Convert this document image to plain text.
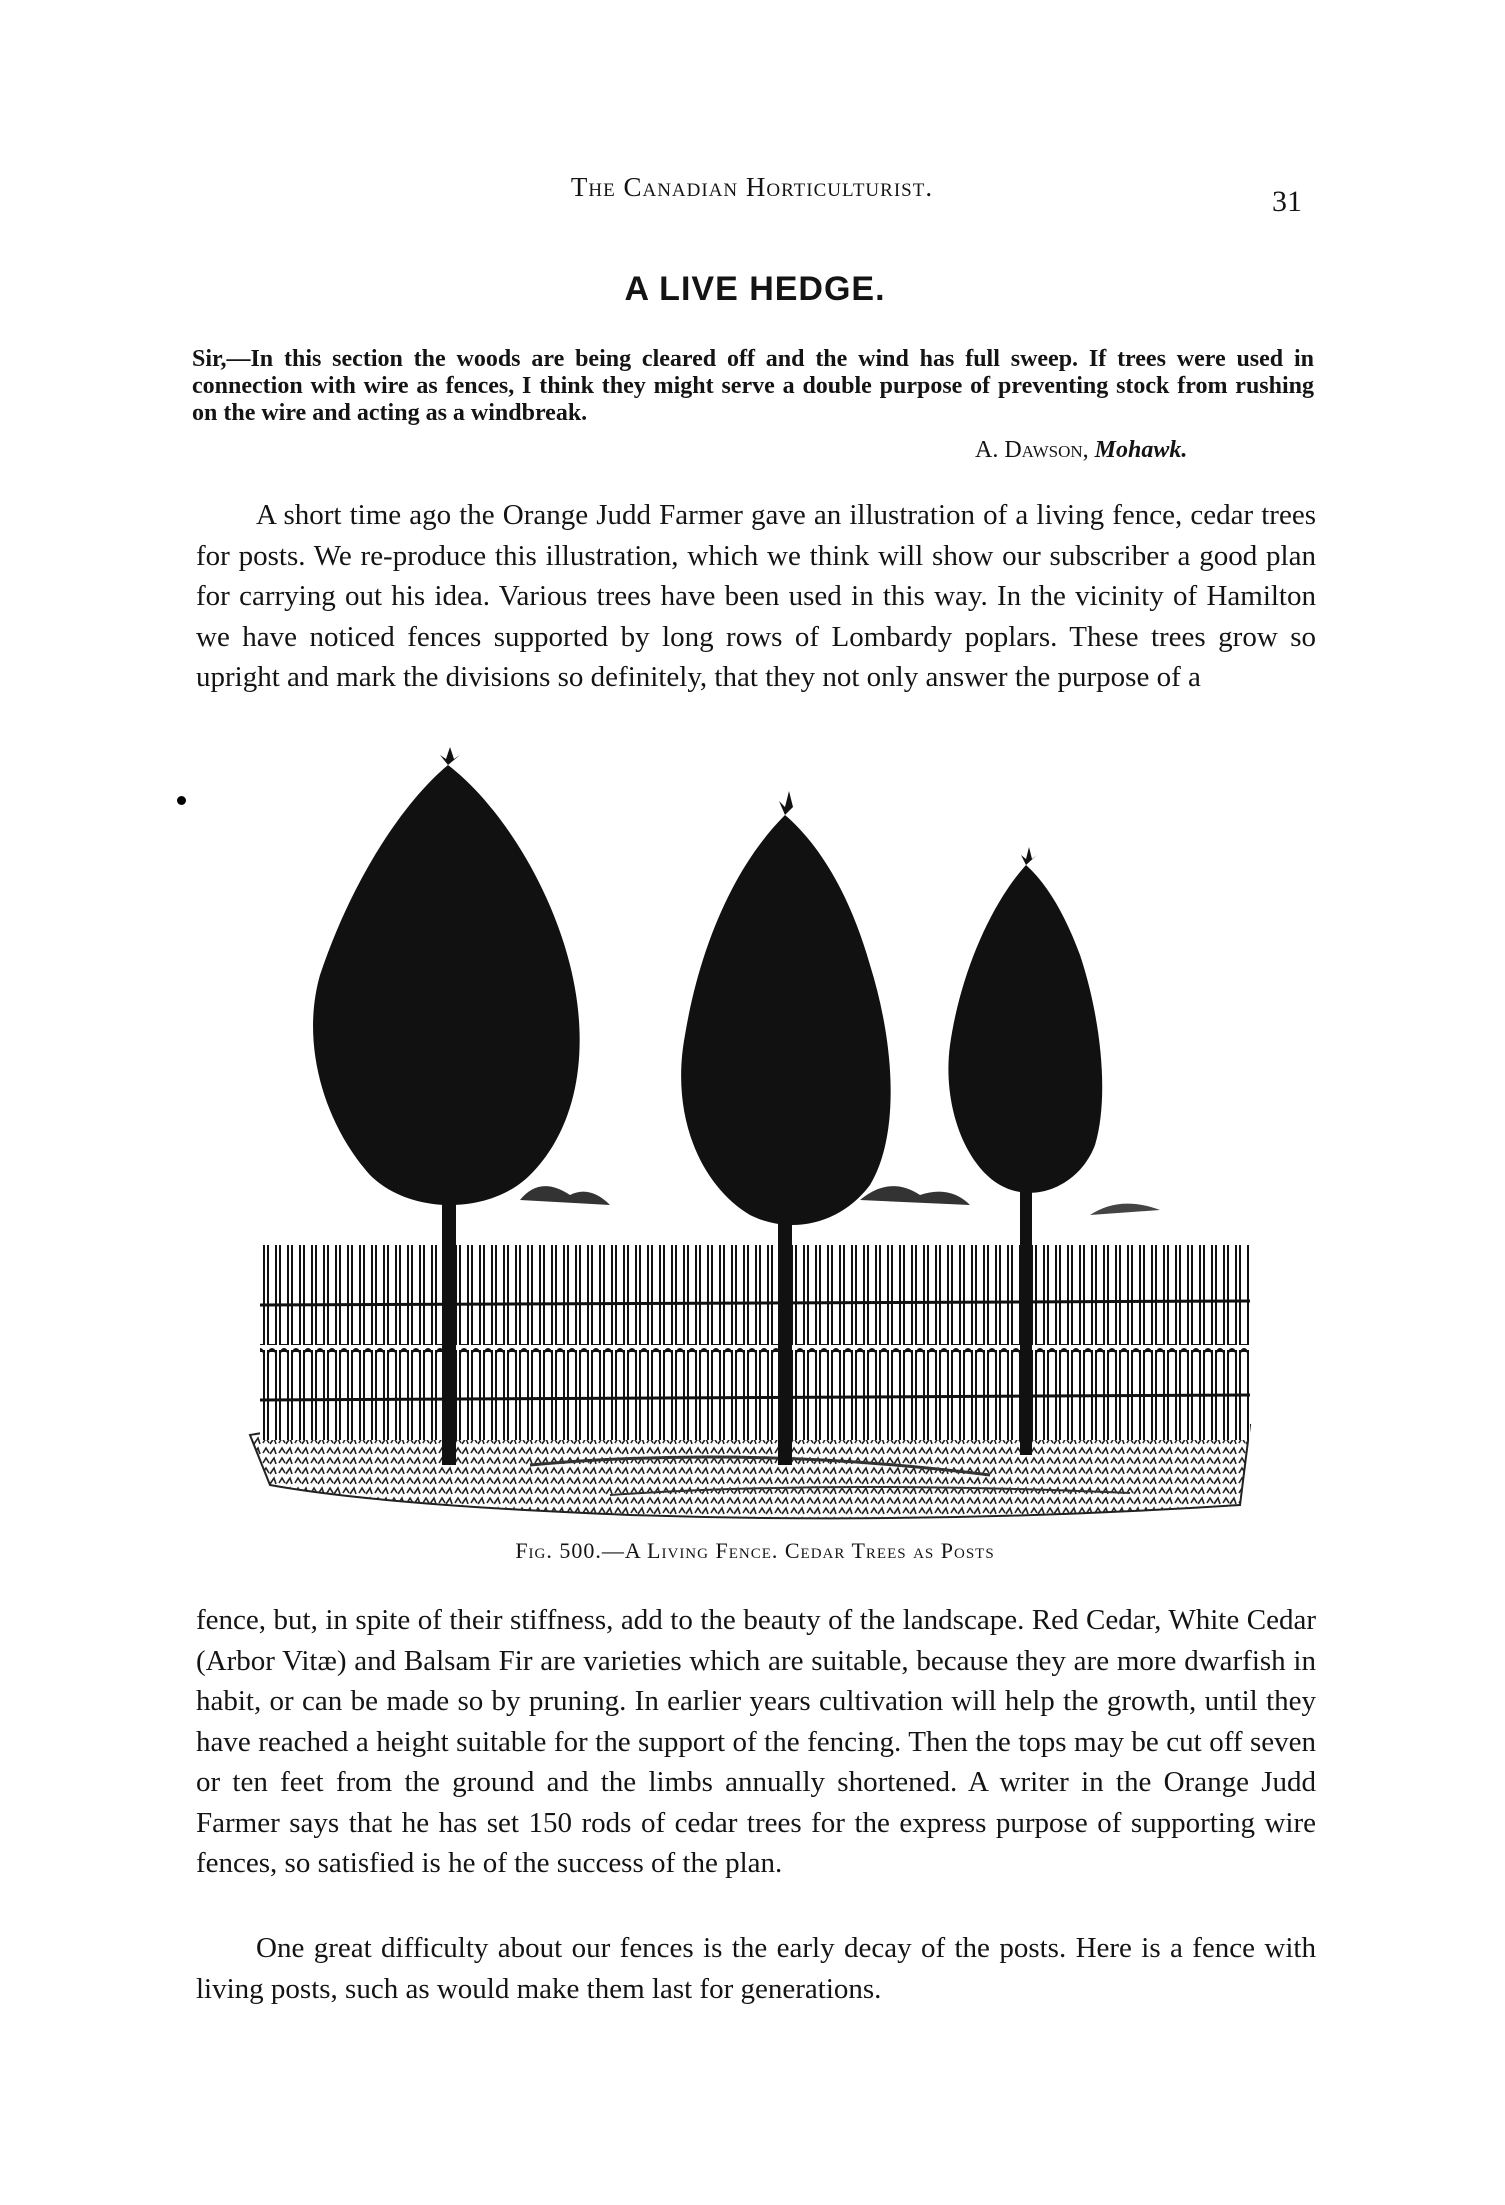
The Canadian Horticulturist.	31
A LIVE HEDGE.

Sir,—In this section the woods are being cleared off and the wind has full sweep. If trees were used in connection with wire as fences, I think they might serve a double purpose of preventing stock from rushing on the wire and acting as a windbreak.

A. Dawson, Mohawk.

A short time ago the Orange Judd Farmer gave an illustration of a living fence, cedar trees for posts. We re-produce this illustration, which we think will show our subscriber a good plan for carrying out his idea. Various trees have been used in this way. In the vicinity of Hamilton we have noticed fences supported by long rows of Lombardy poplars. These trees grow so upright and mark the divisions so definitely, that they not only answer the purpose of a

Fig. 500.—A Living Fence. Cedar Trees as Posts

fence, but, in spite of their stiffness, add to the beauty of the landscape. Red Cedar, White Cedar (Arbor Vitæ) and Balsam Fir are varieties which are suitable, because they are more dwarfish in habit, or can be made so by pruning. In earlier years cultivation will help the growth, until they have reached a height suitable for the support of the fencing. Then the tops may be cut off seven or ten feet from the ground and the limbs annually shortened. A writer in the Orange Judd Farmer says that he has set 150 rods of cedar trees for the express purpose of supporting wire fences, so satisfied is he of the success of the plan.

One great difficulty about our fences is the early decay of the posts. Here is a fence with living posts, such as would make them last for generations.
